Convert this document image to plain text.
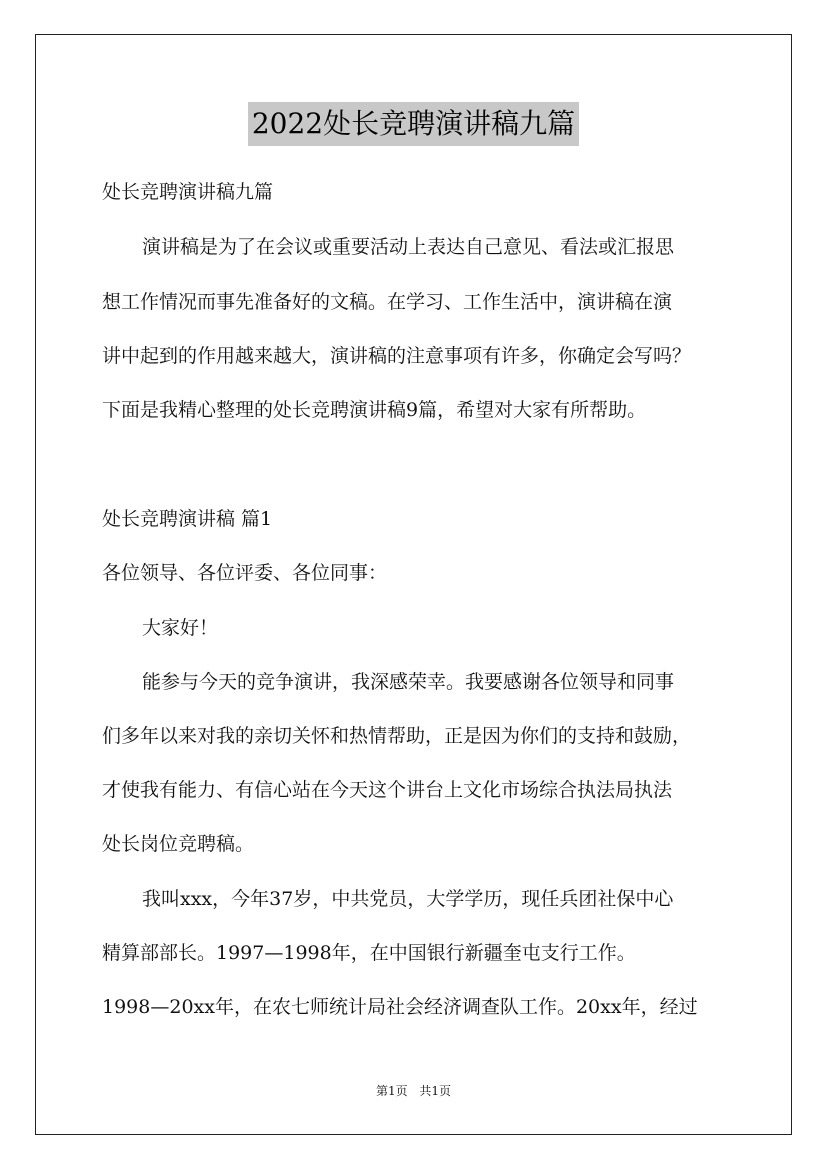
2022处长竞聘演讲稿九篇
处长竞聘演讲稿九篇
演讲稿是为了在会议或重要活动上表达自己意见、看法或汇报思
想工作情况而事先准备好的文稿。在学习、工作生活中，演讲稿在演
讲中起到的作用越来越大，演讲稿的注意事项有许多，你确定会写吗？
下面是我精心整理的处长竞聘演讲稿9篇，希望对大家有所帮助。
处长竞聘演讲稿 篇1
各位领导、各位评委、各位同事：
大家好！
能参与今天的竞争演讲，我深感荣幸。我要感谢各位领导和同事
们多年以来对我的亲切关怀和热情帮助，正是因为你们的支持和鼓励，
才使我有能力、有信心站在今天这个讲台上文化市场综合执法局执法
处长岗位竞聘稿。
我叫xxx，今年37岁，中共党员，大学学历，现任兵团社保中心
精算部部长。1997—1998年，在中国银行新疆奎屯支行工作。
1998—20xx年，在农七师统计局社会经济调查队工作。20xx年，经过
第1页 共1页
